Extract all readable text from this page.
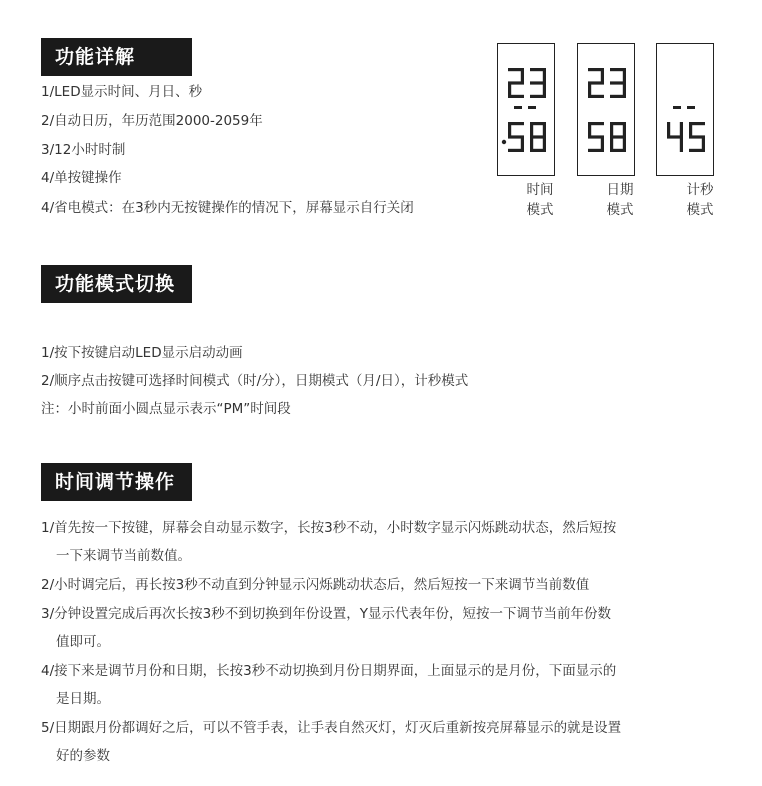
功能详解
1/LED显示时间、月日、秒
2/自动日历，年历范围2000-2059年
3/12小时时制
4/单按键操作
4/省电模式：在3秒内无按键操作的情况下，屏幕显示自行关闭
时间
模式
日期
模式
计秒
模式
功能模式切换
1/按下按键启动LED显示启动动画
2/顺序点击按键可选择时间模式（时/分），日期模式（月/日），计秒模式
注：小时前面小圆点显示表示“PM”时间段
时间调节操作
1/首先按一下按键，屏幕会自动显示数字，长按3秒不动，小时数字显示闪烁跳动状态，然后短按
一下来调节当前数值。
2/小时调完后，再长按3秒不动直到分钟显示闪烁跳动状态后，然后短按一下来调节当前数值
3/分钟设置完成后再次长按3秒不到切换到年份设置，Y显示代表年份，短按一下调节当前年份数
值即可。
4/接下来是调节月份和日期，长按3秒不动切换到月份日期界面，上面显示的是月份，下面显示的
是日期。
5/日期跟月份都调好之后，可以不管手表，让手表自然灭灯，灯灭后重新按亮屏幕显示的就是设置
好的参数
